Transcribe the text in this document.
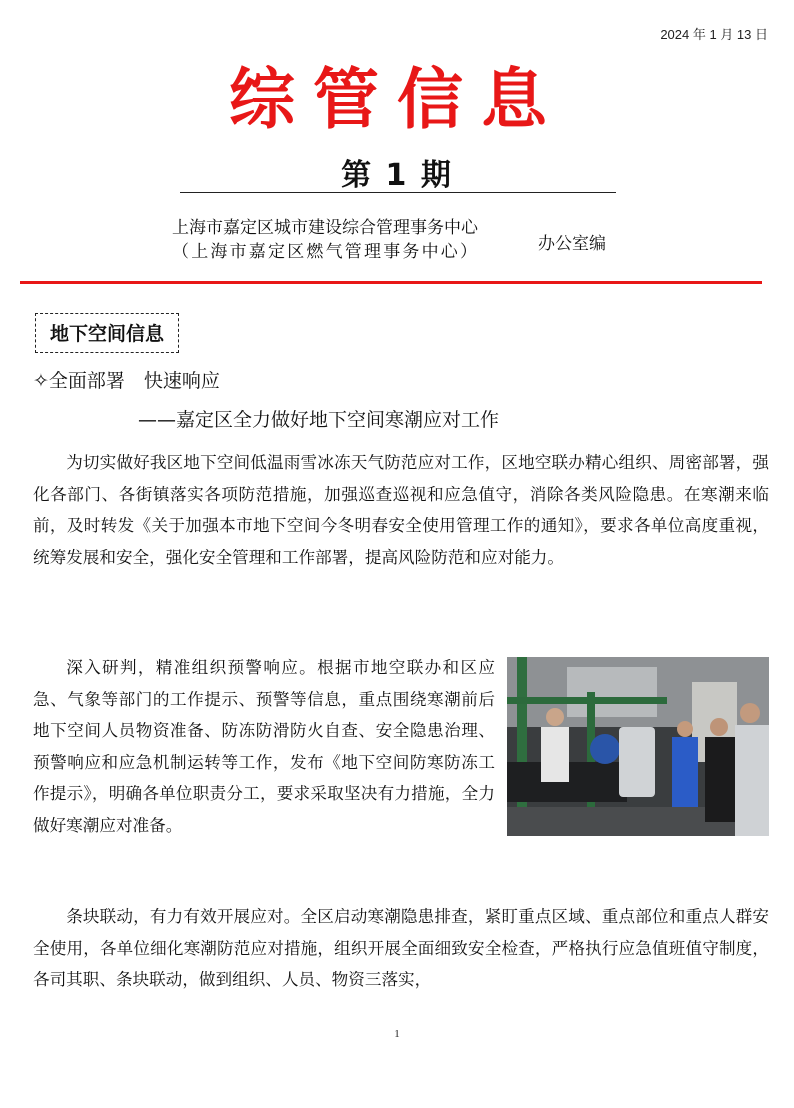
2024 年 1 月 13 日
综管信息
第 1 期
上海市嘉定区城市建设综合管理事务中心
（上海市嘉定区燃气管理事务中心）	办公室编
地下空间信息
✧全面部署　快速响应
——嘉定区全力做好地下空间寒潮应对工作

为切实做好我区地下空间低温雨雪冰冻天气防范应对工作，区地空联办精心组织、周密部署，强化各部门、各街镇落实各项防范措施，加强巡查巡视和应急值守，消除各类风险隐患。在寒潮来临前，及时转发《关于加强本市地下空间今冬明春安全使用管理工作的通知》，要求各单位高度重视，统筹发展和安全，强化安全管理和工作部署，提高风险防范和应对能力。

深入研判，精准组织预警响应。根据市地空联办和区应急、气象等部门的工作提示、预警等信息，重点围绕寒潮前后地下空间人员物资准备、防冻防滑防火自查、安全隐患治理、预警响应和应急机制运转等工作，发布《地下空间防寒防冻工作提示》，明确各单位职责分工，要求采取坚决有力措施，全力做好寒潮应对准备。

条块联动，有力有效开展应对。全区启动寒潮隐患排查，紧盯重点区域、重点部位和重点人群安全使用，各单位细化寒潮防范应对措施，组织开展全面细致安全检查，严格执行应急值班值守制度，各司其职、条块联动，做到组织、人员、物资三落实，

1
